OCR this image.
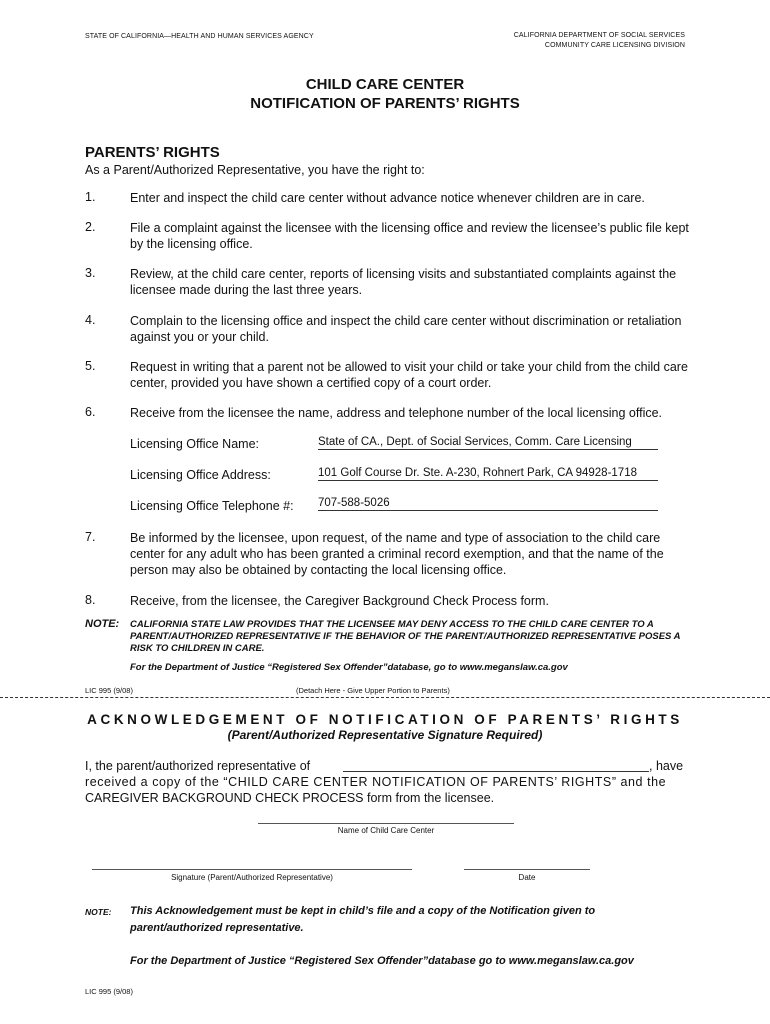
STATE OF CALIFORNIA—HEALTH AND HUMAN SERVICES AGENCY	CALIFORNIA DEPARTMENT OF SOCIAL SERVICES
COMMUNITY CARE LICENSING DIVISION
CHILD CARE CENTER
NOTIFICATION OF PARENTS’ RIGHTS
PARENTS’ RIGHTS
As a Parent/Authorized Representative, you have the right to:
1.	Enter and inspect the child care center without advance notice whenever children are in care.
2.	File a complaint against the licensee with the licensing office and review the licensee’s public file kept by the licensing office.
3.	Review, at the child care center, reports of licensing visits and substantiated complaints against the licensee made during the last three years.
4.	Complain to the licensing office and inspect the child care center without discrimination or retaliation against you or your child.
5.	Request in writing that a parent not be allowed to visit your child or take your child from the child care center, provided you have shown a certified copy of a court order.
6.	Receive from the licensee the name, address and telephone number of the local licensing office.
Licensing Office Name:	State of CA., Dept. of Social Services, Comm. Care Licensing
Licensing Office Address:	101 Golf Course Dr. Ste. A-230, Rohnert Park, CA 94928-1718
Licensing Office Telephone #: 707-588-5026
7.	Be informed by the licensee, upon request, of the name and type of association to the child care center for any adult who has been granted a criminal record exemption, and that the name of the person may also be obtained by contacting the local licensing office.
8.	Receive, from the licensee, the Caregiver Background Check Process form.
NOTE: CALIFORNIA STATE LAW PROVIDES THAT THE LICENSEE MAY DENY ACCESS TO THE CHILD CARE CENTER TO A PARENT/AUTHORIZED REPRESENTATIVE IF THE BEHAVIOR OF THE PARENT/AUTHORIZED REPRESENTATIVE POSES A RISK TO CHILDREN IN CARE.
For the Department of Justice “Registered Sex Offender”database, go to www.meganslaw.ca.gov
LIC 995 (9/08)	(Detach Here - Give Upper Portion to Parents)
ACKNOWLEDGEMENT OF NOTIFICATION OF PARENTS’ RIGHTS
(Parent/Authorized Representative Signature Required)
I, the parent/authorized representative of	, have
received a copy of the “CHILD CARE CENTER NOTIFICATION OF PARENTS’ RIGHTS” and the
CAREGIVER BACKGROUND CHECK PROCESS form from the licensee.
Name of Child Care Center
Signature (Parent/Authorized Representative)	Date
NOTE: This Acknowledgement must be kept in child’s file and a copy of the Notification given to parent/authorized representative.
For the Department of Justice “Registered Sex Offender”database go to www.meganslaw.ca.gov
LIC 995 (9/08)
